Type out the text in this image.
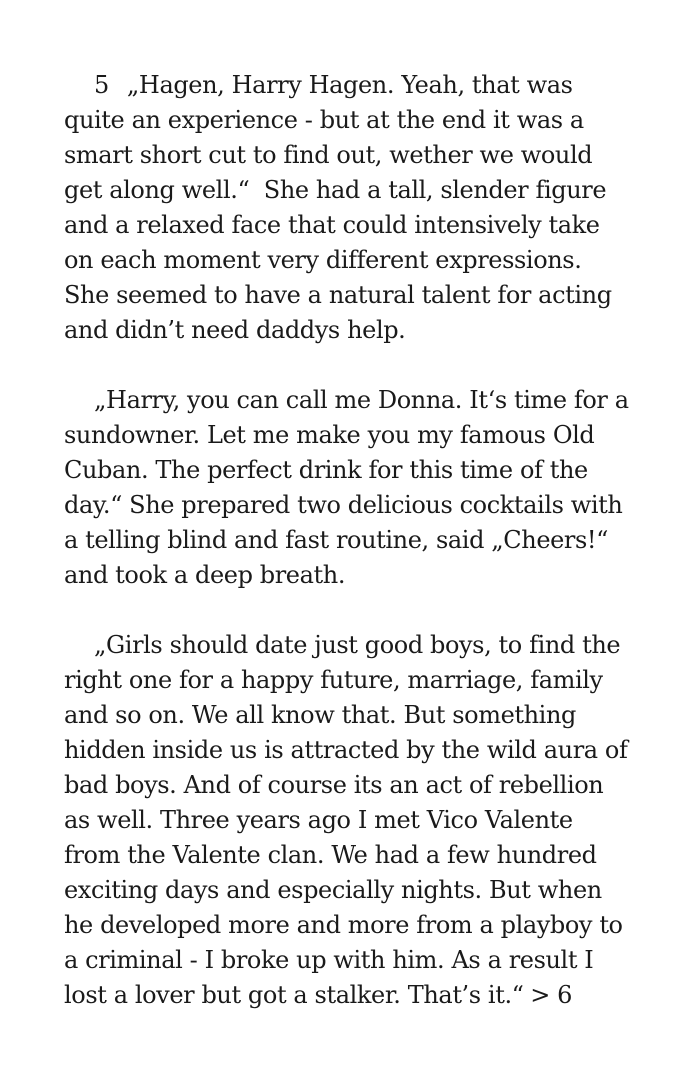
5 „Hagen, Harry Hagen. Yeah, that was
quite an experience - but at the end it was a
smart short cut to find out, wether we would
get along well.“  She had a tall, slender figure
and a relaxed face that could intensively take
on each moment very different expressions.
She seemed to have a natural talent for acting
and didn’t need daddys help.
„Harry, you can call me Donna. It‘s time for a
sundowner. Let me make you my famous Old
Cuban. The perfect drink for this time of the
day.“ She prepared two delicious cocktails with
a telling blind and fast routine, said „Cheers!“
and took a deep breath.
„Girls should date just good boys, to find the
right one for a happy future, marriage, family
and so on. We all know that. But something
hidden inside us is attracted by the wild aura of
bad boys. And of course its an act of rebellion
as well. Three years ago I met Vico Valente
from the Valente clan. We had a few hundred
exciting days and especially nights. But when
he developed more and more from a playboy to
a criminal - I broke up with him. As a result I
lost a lover but got a stalker. That’s it.“ > 6
